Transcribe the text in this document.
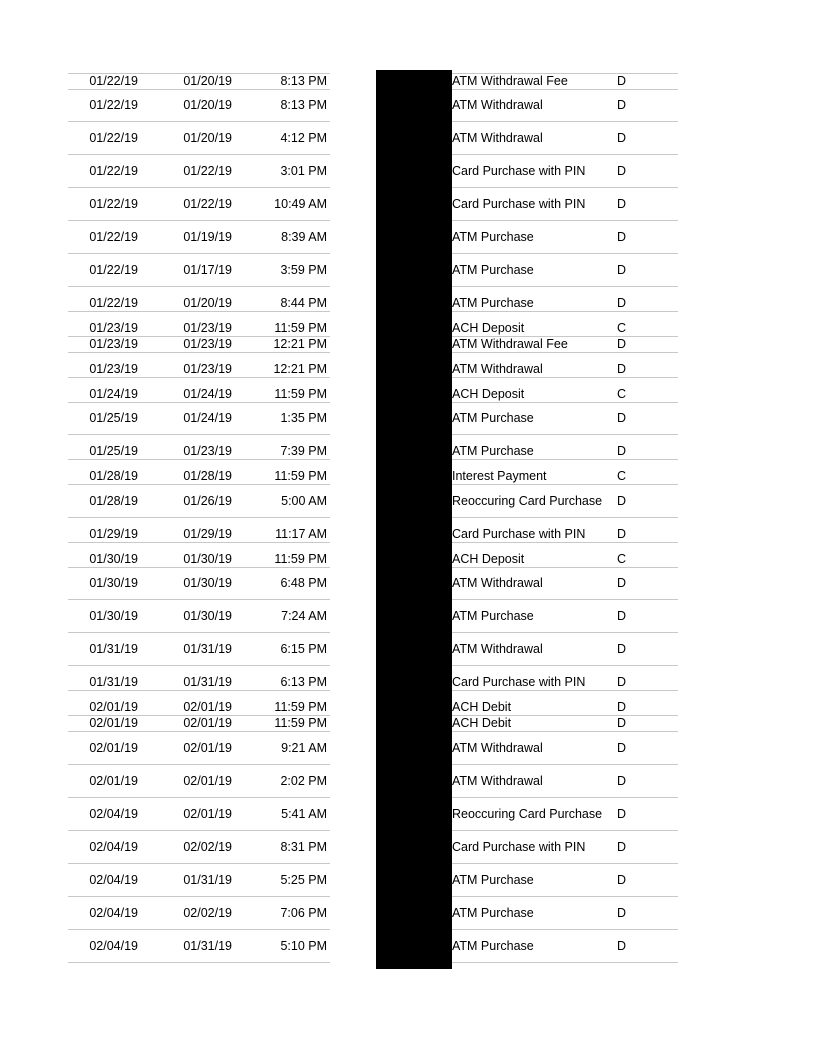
01/22/19	01/20/19	8:13 PM	ATM Withdrawal Fee	D
01/22/19	01/20/19	8:13 PM	ATM Withdrawal	D
01/22/19	01/20/19	4:12 PM	ATM Withdrawal	D
01/22/19	01/22/19	3:01 PM	Card Purchase with PIN	D
01/22/19	01/22/19	10:49 AM	Card Purchase with PIN	D
01/22/19	01/19/19	8:39 AM	ATM Purchase	D
01/22/19	01/17/19	3:59 PM	ATM Purchase	D
01/22/19	01/20/19	8:44 PM	ATM Purchase	D
01/23/19	01/23/19	11:59 PM	ACH Deposit	C
01/23/19	01/23/19	12:21 PM	ATM Withdrawal Fee	D
01/23/19	01/23/19	12:21 PM	ATM Withdrawal	D
01/24/19	01/24/19	11:59 PM	ACH Deposit	C
01/25/19	01/24/19	1:35 PM	ATM Purchase	D
01/25/19	01/23/19	7:39 PM	ATM Purchase	D
01/28/19	01/28/19	11:59 PM	Interest Payment	C
01/28/19	01/26/19	5:00 AM	Reoccuring Card Purchase	D
01/29/19	01/29/19	11:17 AM	Card Purchase with PIN	D
01/30/19	01/30/19	11:59 PM	ACH Deposit	C
01/30/19	01/30/19	6:48 PM	ATM Withdrawal	D
01/30/19	01/30/19	7:24 AM	ATM Purchase	D
01/31/19	01/31/19	6:15 PM	ATM Withdrawal	D
01/31/19	01/31/19	6:13 PM	Card Purchase with PIN	D
02/01/19	02/01/19	11:59 PM	ACH Debit	D
02/01/19	02/01/19	11:59 PM	ACH Debit	D
02/01/19	02/01/19	9:21 AM	ATM Withdrawal	D
02/01/19	02/01/19	2:02 PM	ATM Withdrawal	D
02/04/19	02/01/19	5:41 AM	Reoccuring Card Purchase	D
02/04/19	02/02/19	8:31 PM	Card Purchase with PIN	D
02/04/19	01/31/19	5:25 PM	ATM Purchase	D
02/04/19	02/02/19	7:06 PM	ATM Purchase	D
02/04/19	01/31/19	5:10 PM	ATM Purchase	D
